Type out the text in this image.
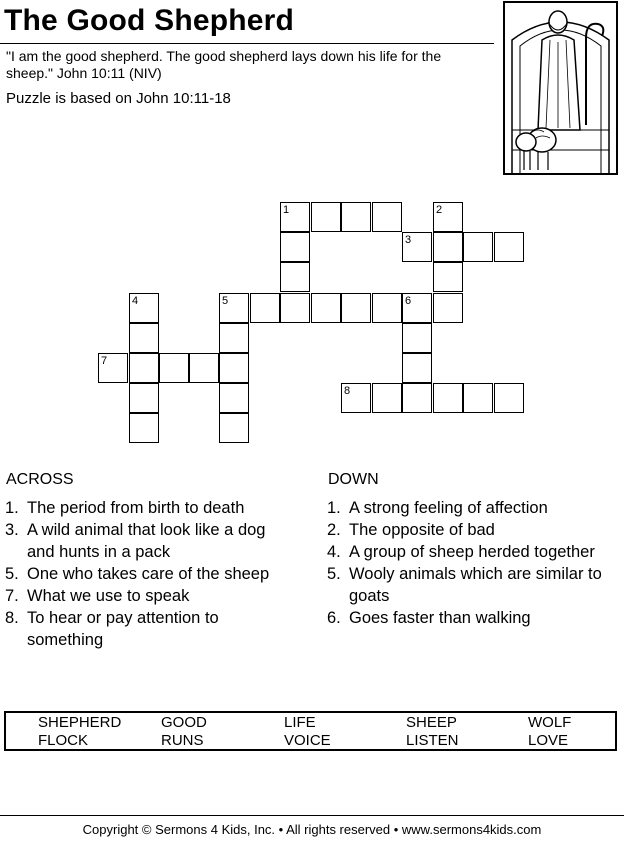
The Good Shepherd
"I am the good shepherd. The good shepherd lays down his life for the sheep." John 10:11 (NIV)
Puzzle is based on John 10:11-18
1	2
3
4	5	6
7
8
ACROSS
1. The period from birth to death
3. A wild animal that look like a dog and hunts in a pack
5. One who takes care of the sheep
7. What we use to speak
8. To hear or pay attention to something
DOWN
1. A strong feeling of affection
2. The opposite of bad
4. A group of sheep herded together
5. Wooly animals which are similar to goats
6. Goes faster than walking
SHEPHERD	GOOD	LIFE	SHEEP	WOLF
FLOCK	RUNS	VOICE	LISTEN	LOVE
Copyright © Sermons 4 Kids, Inc. • All rights reserved • www.sermons4kids.com
